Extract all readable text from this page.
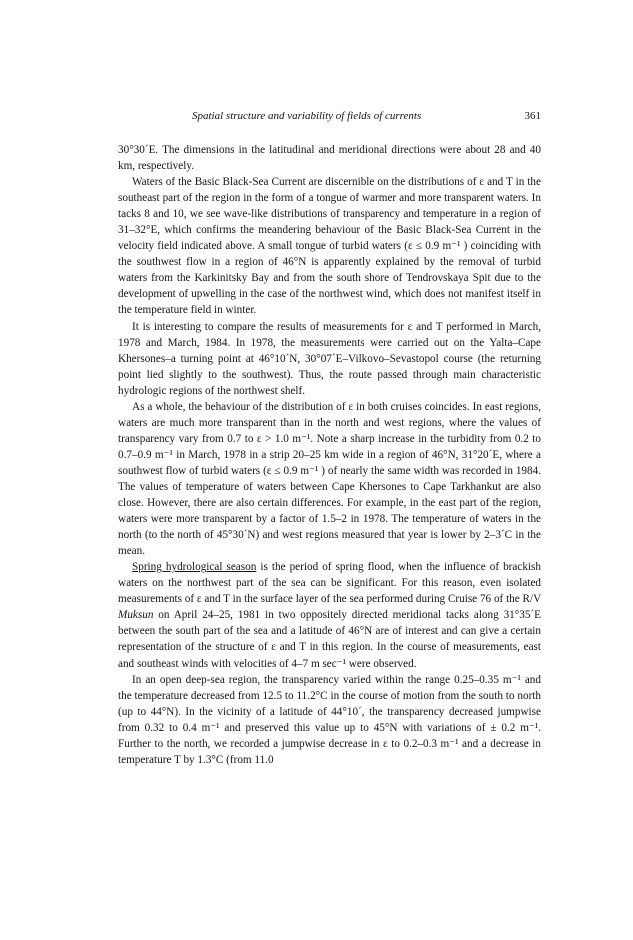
Spatial structure and variability of fields of currents	361

30°30´E. The dimensions in the latitudinal and meridional directions were about 28 and 40 km, respectively.

Waters of the Basic Black-Sea Current are discernible on the distributions of ε and T in the southeast part of the region in the form of a tongue of warmer and more transparent waters. In tacks 8 and 10, we see wave-like distributions of transparency and temperature in a region of 31–32°E, which confirms the meandering behaviour of the Basic Black-Sea Current in the velocity field indicated above. A small tongue of turbid waters (ε ≤ 0.9 m⁻¹ ) coinciding with the southwest flow in a region of 46°N is apparently explained by the removal of turbid waters from the Karkinitsky Bay and from the south shore of Tendrovskaya Spit due to the development of upwelling in the case of the northwest wind, which does not manifest itself in the temperature field in winter.

It is interesting to compare the results of measurements for ε and T performed in March, 1978 and March, 1984. In 1978, the measurements were carried out on the Yalta–Cape Khersones–a turning point at 46°10´N, 30°07´E–Vilkovo–Sevastopol course (the returning point lied slightly to the southwest). Thus, the route passed through main characteristic hydrologic regions of the northwest shelf.

As a whole, the behaviour of the distribution of ε in both cruises coincides. In east regions, waters are much more transparent than in the north and west regions, where the values of transparency vary from 0.7 to ε > 1.0 m⁻¹. Note a sharp increase in the turbidity from 0.2 to 0.7–0.9 m⁻¹ in March, 1978 in a strip 20–25 km wide in a region of 46°N, 31°20´E, where a southwest flow of turbid waters (ε ≤ 0.9 m⁻¹ ) of nearly the same width was recorded in 1984. The values of temperature of waters between Cape Khersones to Cape Tarkhankut are also close. However, there are also certain differences. For example, in the east part of the region, waters were more transparent by a factor of 1.5–2 in 1978. The temperature of waters in the north (to the north of 45°30´N) and west regions measured that year is lower by 2–3´C in the mean.

Spring hydrological season is the period of spring flood, when the influence of brackish waters on the northwest part of the sea can be significant. For this reason, even isolated measurements of ε and T in the surface layer of the sea performed during Cruise 76 of the R/V Muksun on April 24–25, 1981 in two oppositely directed meridional tacks along 31°35´E between the south part of the sea and a latitude of 46°N are of interest and can give a certain representation of the structure of ε and T in this region. In the course of measurements, east and southeast winds with velocities of 4–7 m sec⁻¹ were observed.

In an open deep-sea region, the transparency varied within the range 0.25–0.35 m⁻¹ and the temperature decreased from 12.5 to 11.2°C in the course of motion from the south to north (up to 44°N). In the vicinity of a latitude of 44°10´, the transparency decreased jumpwise from 0.32 to 0.4 m⁻¹ and preserved this value up to 45°N with variations of ± 0.2 m⁻¹. Further to the north, we recorded a jumpwise decrease in ε to 0.2–0.3 m⁻¹ and a decrease in temperature T by 1.3°C (from 11.0
